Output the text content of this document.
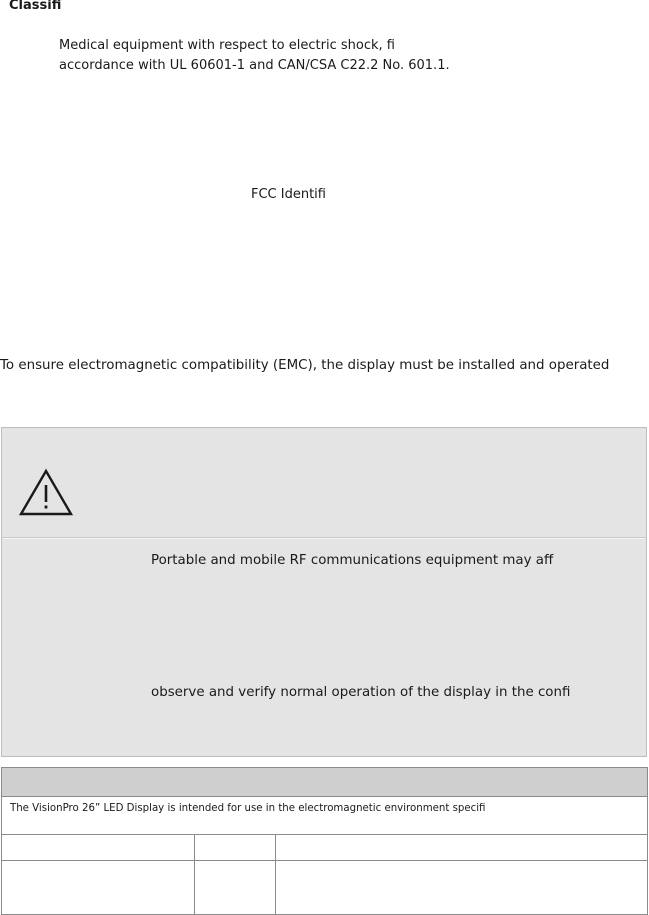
Classifi
Medical equipment with respect to electric shock, fi
accordance with UL 60601-1 and CAN/CSA C22.2 No. 601.1.
FCC Identifi
To ensure electromagnetic compatibility (EMC), the display must be installed and operated
Portable and mobile RF communications equipment may aff
observe and verify normal operation of the display in the confi
The VisionPro 26” LED Display is intended for use in the electromagnetic environment specifi
